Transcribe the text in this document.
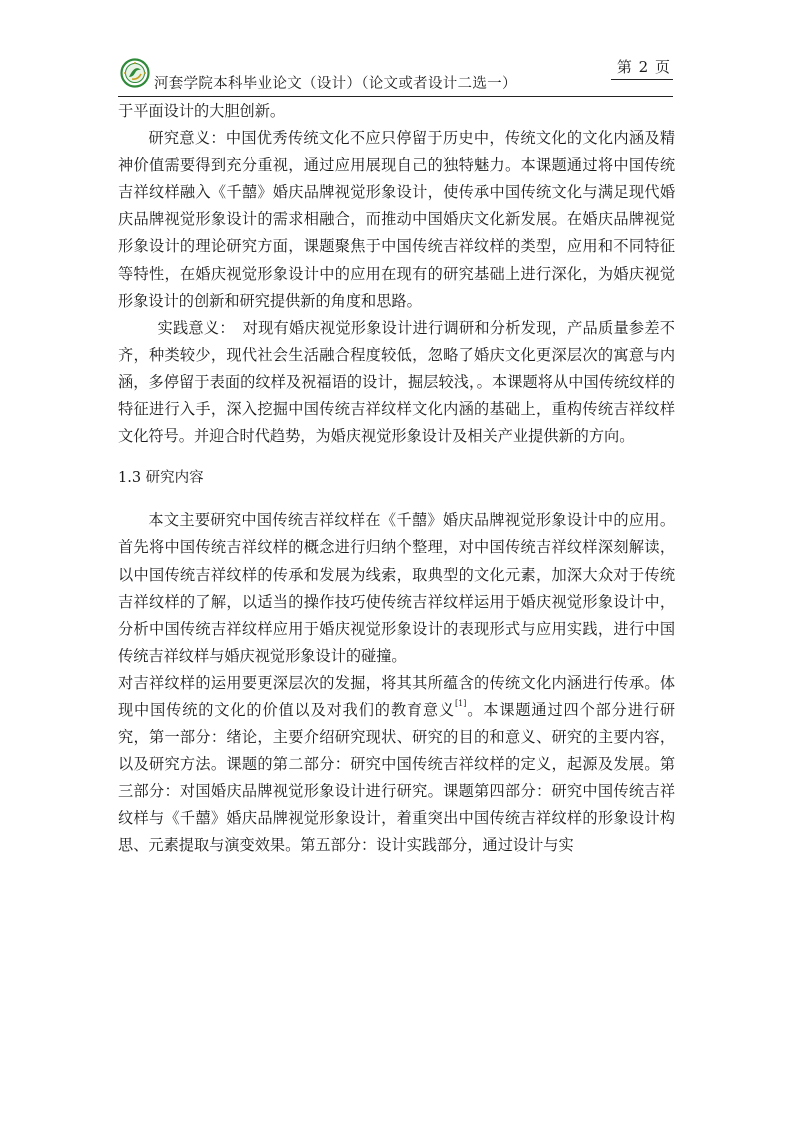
河套学院本科毕业论文（设计）（论文或者设计二选一）
第 2 页

于平面设计的大胆创新。

研究意义：中国优秀传统文化不应只停留于历史中，传统文化的文化内涵及精神价值需要得到充分重视，通过应用展现自己的独特魅力。本课题通过将中国传统吉祥纹样融入《千囍》婚庆品牌视觉形象设计，使传承中国传统文化与满足现代婚庆品牌视觉形象设计的需求相融合，而推动中国婚庆文化新发展。在婚庆品牌视觉形象设计的理论研究方面，课题聚焦于中国传统吉祥纹样的类型，应用和不同特征等特性，在婚庆视觉形象设计中的应用在现有的研究基础上进行深化，为婚庆视觉形象设计的创新和研究提供新的角度和思路。

实践意义：　对现有婚庆视觉形象设计进行调研和分析发现，产品质量参差不齐，种类较少，现代社会生活融合程度较低，忽略了婚庆文化更深层次的寓意与内涵，多停留于表面的纹样及祝福语的设计，掘层较浅，。本课题将从中国传统纹样的特征进行入手，深入挖掘中国传统吉祥纹样文化内涵的基础上，重构传统吉祥纹样文化符号。并迎合时代趋势，为婚庆视觉形象设计及相关产业提供新的方向。

1.3 研究内容

本文主要研究中国传统吉祥纹样在《千囍》婚庆品牌视觉形象设计中的应用。首先将中国传统吉祥纹样的概念进行归纳个整理，对中国传统吉祥纹样深刻解读，以中国传统吉祥纹样的传承和发展为线索，取典型的文化元素，加深大众对于传统吉祥纹样的了解，以适当的操作技巧使传统吉祥纹样运用于婚庆视觉形象设计中，分析中国传统吉祥纹样应用于婚庆视觉形象设计的表现形式与应用实践，进行中国传统吉祥纹样与婚庆视觉形象设计的碰撞。

对吉祥纹样的运用要更深层次的发掘，将其其所蕴含的传统文化内涵进行传承。体现中国传统的文化的价值以及对我们的教育意义[1]。本课题通过四个部分进行研究，第一部分：绪论，主要介绍研究现状、研究的目的和意义、研究的主要内容，以及研究方法。课题的第二部分：研究中国传统吉祥纹样的定义，起源及发展。第三部分：对国婚庆品牌视觉形象设计进行研究。课题第四部分：研究中国传统吉祥纹样与《千囍》婚庆品牌视觉形象设计，着重突出中国传统吉祥纹样的形象设计构思、元素提取与演变效果。第五部分：设计实践部分，通过设计与实
